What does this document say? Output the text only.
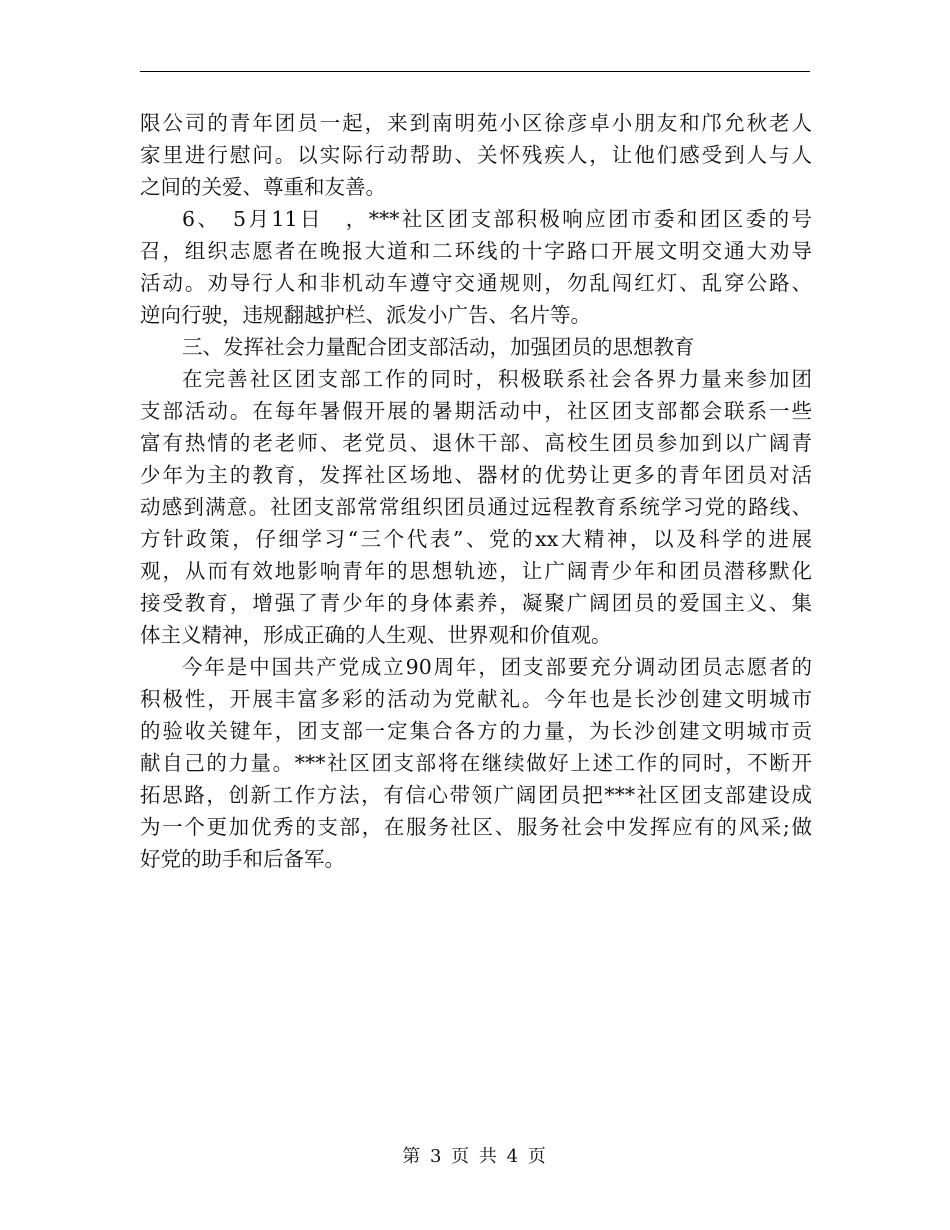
限公司的青年团员一起，来到南明苑小区徐彦卓小朋友和邝允秋老人
家里进行慰问。以实际行动帮助、关怀残疾人，让他们感受到人与人
之间的关爱、尊重和友善。
6、　5月11日　，***社区团支部积极响应团市委和团区委的号
召，组织志愿者在晚报大道和二环线的十字路口开展文明交通大劝导
活动。劝导行人和非机动车遵守交通规则，勿乱闯红灯、乱穿公路、
逆向行驶，违规翻越护栏、派发小广告、名片等。
三、发挥社会力量配合团支部活动，加强团员的思想教育
在完善社区团支部工作的同时，积极联系社会各界力量来参加团
支部活动。在每年暑假开展的暑期活动中，社区团支部都会联系一些
富有热情的老老师、老党员、退休干部、高校生团员参加到以广阔青
少年为主的教育，发挥社区场地、器材的优势让更多的青年团员对活
动感到满意。社团支部常常组织团员通过远程教育系统学习党的路线、
方针政策，仔细学习“三个代表”、党的xx大精神，以及科学的进展
观，从而有效地影响青年的思想轨迹，让广阔青少年和团员潜移默化
接受教育，增强了青少年的身体素养，凝聚广阔团员的爱国主义、集
体主义精神，形成正确的人生观、世界观和价值观。
今年是中国共产党成立90周年，团支部要充分调动团员志愿者的
积极性，开展丰富多彩的活动为党献礼。今年也是长沙创建文明城市
的验收关键年，团支部一定集合各方的力量，为长沙创建文明城市贡
献自己的力量。***社区团支部将在继续做好上述工作的同时，不断开
拓思路，创新工作方法，有信心带领广阔团员把***社区团支部建设成
为一个更加优秀的支部，在服务社区、服务社会中发挥应有的风采;做
好党的助手和后备军。
第 3 页 共 4 页
